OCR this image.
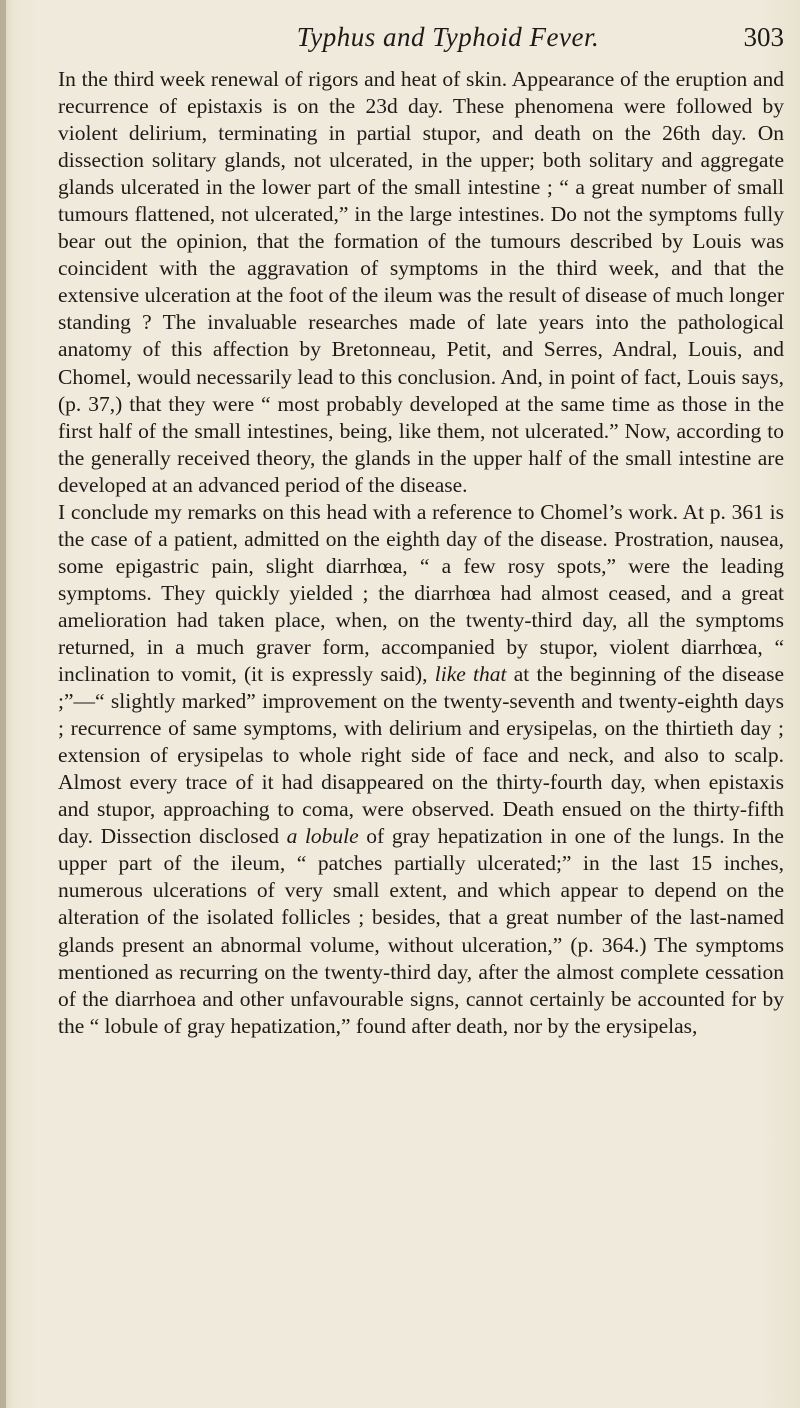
Typhus and Typhoid Fever.	303

In the third week renewal of rigors and heat of skin. Appearance of the eruption and recurrence of epistaxis is on the 23d day. These phenomena were followed by violent delirium, terminating in partial stupor, and death on the 26th day. On dissection solitary glands, not ulcerated, in the upper; both solitary and aggregate glands ulcerated in the lower part of the small intestine ; “ a great number of small tumours flattened, not ulcerated,” in the large intestines. Do not the symptoms fully bear out the opinion, that the formation of the tumours described by Louis was coincident with the aggravation of symptoms in the third week, and that the extensive ulceration at the foot of the ileum was the result of disease of much longer standing ? The invaluable researches made of late years into the pathological anatomy of this affection by Bretonneau, Petit, and Serres, Andral, Louis, and Chomel, would necessarily lead to this conclusion. And, in point of fact, Louis says, (p. 37,) that they were “ most probably developed at the same time as those in the first half of the small intestines, being, like them, not ulcerated.” Now, according to the generally received theory, the glands in the upper half of the small intestine are developed at an advanced period of the disease.

I conclude my remarks on this head with a reference to Chomel’s work. At p. 361 is the case of a patient, admitted on the eighth day of the disease. Prostration, nausea, some epigastric pain, slight diarrhœa, “ a few rosy spots,” were the leading symptoms. They quickly yielded ; the diarrhœa had almost ceased, and a great amelioration had taken place, when, on the twenty-third day, all the symptoms returned, in a much graver form, accompanied by stupor, violent diarrhœa, “ inclination to vomit, (it is expressly said), like that at the beginning of the disease ;”—“ slightly marked” improvement on the twenty-seventh and twenty-eighth days ; recurrence of same symptoms, with delirium and erysipelas, on the thirtieth day ; extension of erysipelas to whole right side of face and neck, and also to scalp. Almost every trace of it had disappeared on the thirty-fourth day, when epistaxis and stupor, approaching to coma, were observed. Death ensued on the thirty-fifth day. Dissection disclosed a lobule of gray hepatization in one of the lungs. In the upper part of the ileum, “ patches partially ulcerated;” in the last 15 inches, numerous ulcerations of very small extent, and which appear to depend on the alteration of the isolated follicles ; besides, that a great number of the last-named glands present an abnormal volume, without ulceration,” (p. 364.) The symptoms mentioned as recurring on the twenty-third day, after the almost complete cessation of the diarrhoea and other unfavourable signs, cannot certainly be accounted for by the “ lobule of gray hepatization,” found after death, nor by the erysipelas,
